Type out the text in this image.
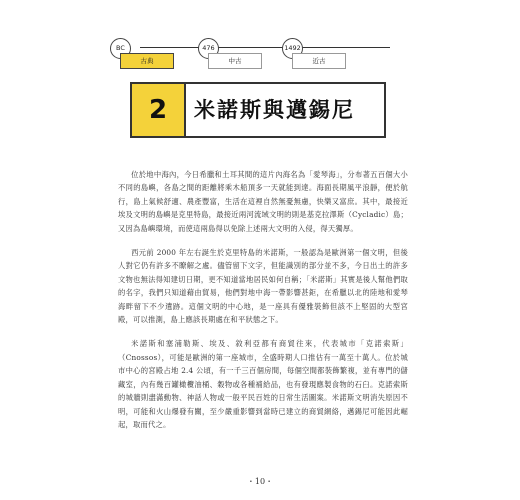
BC
古典
476
中古
1492
近古
2	米諾斯與邁錫尼

位於地中海內，今日希臘和土耳其間的這片內海名為「愛琴海」，分布著五百個大小不同的島嶼，各島之間的距離將乘木船頂多一天就能到達。海面長期風平浪靜，便於航行，島上氣候舒適、農產豐富，生活在這裡自然無憂無慮，快樂又富庶。其中，最接近埃及文明的島嶼是克里特島，最接近兩河流域文明的則是基克拉澤斯（Cycladic）島；又因為島嶼環境，而使這兩島得以免除上述兩大文明的入侵，得天獨厚。

西元前 2000 年左右誕生於克里特島的米諾斯，一般認為是歐洲第一個文明，但後人對它仍有許多不瞭解之處。儘管留下文字，但能識別的部分並不多，今日出土的許多文物也無法得知建切日期，更不知道當地居民如何自稱；「米諾斯」其實是後人幫他們取的名字，我們只知道藉由貿易，他們對地中海一帶影響甚鉅，在希臘以北的陸地和愛琴海畔留下不少遺跡。這個文明的中心地，是一座具有優雅裝飾但該不上堅固的大型宮殿，可以推測，島上應該長期處在和平狀態之下。

米諾斯和塞浦勒斯、埃及、敘利亞都有商貿往來，代表城市「克諾索斯」（Cnossos），可能是歐洲的第一座城市，全盛時期人口推估有一萬至十萬人。位於城市中心的宮殿占地 2.4 公頃，有一千三百個房間，每個空間都裝飾繁複，並有專門的儲藏室，內有幾百罐橄欖油桶、穀物或各種補給品，也有發現應製食物的石臼。克諾索斯的城牆則盡滿動物、神話人物或一般平民百姓的日常生活圖案。米諾斯文明消失原因不明，可能和火山爆發有關，至少嚴重影響到當時已建立的商貿網絡，邁錫尼可能因此崛起，取而代之。

・10・
